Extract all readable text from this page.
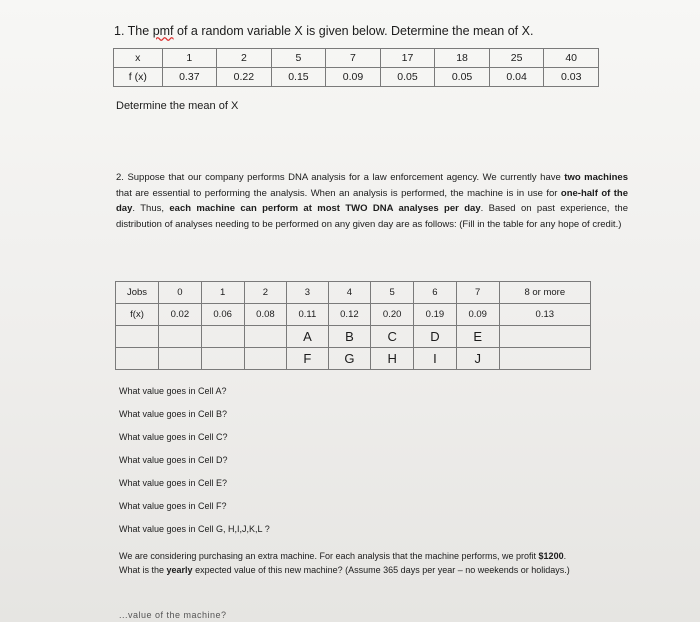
1. The pmf of a random variable X is given below. Determine the mean of X.
x	1	2	5	7	17	18	25	40
f (x)	0.37	0.22	0.15	0.09	0.05	0.05	0.04	0.03
Determine the mean of X
2. Suppose that our company performs DNA analysis for a law enforcement agency. We currently have two machines that are essential to performing the analysis. When an analysis is performed, the machine is in use for one-half of the day. Thus, each machine can perform at most TWO DNA analyses per day. Based on past experience, the distribution of analyses needing to be performed on any given day are as follows: (Fill in the table for any hope of credit.)
Jobs	0	1	2	3	4	5	6	7	8 or more
f(x)	0.02	0.06	0.08	0.11	0.12	0.20	0.19	0.09	0.13
				A	B	C	D	E	
				F	G	H	I	J	
What value goes in Cell A?
What value goes in Cell B?
What value goes in Cell C?
What value goes in Cell D?
What value goes in Cell E?
What value goes in Cell F?
What value goes in Cell G, H,I,J,K,L ?
We are considering purchasing an extra machine. For each analysis that the machine performs, we profit $1200.
What is the yearly expected value of this new machine? (Assume 365 days per year – no weekends or holidays.)
...value of the machine?
